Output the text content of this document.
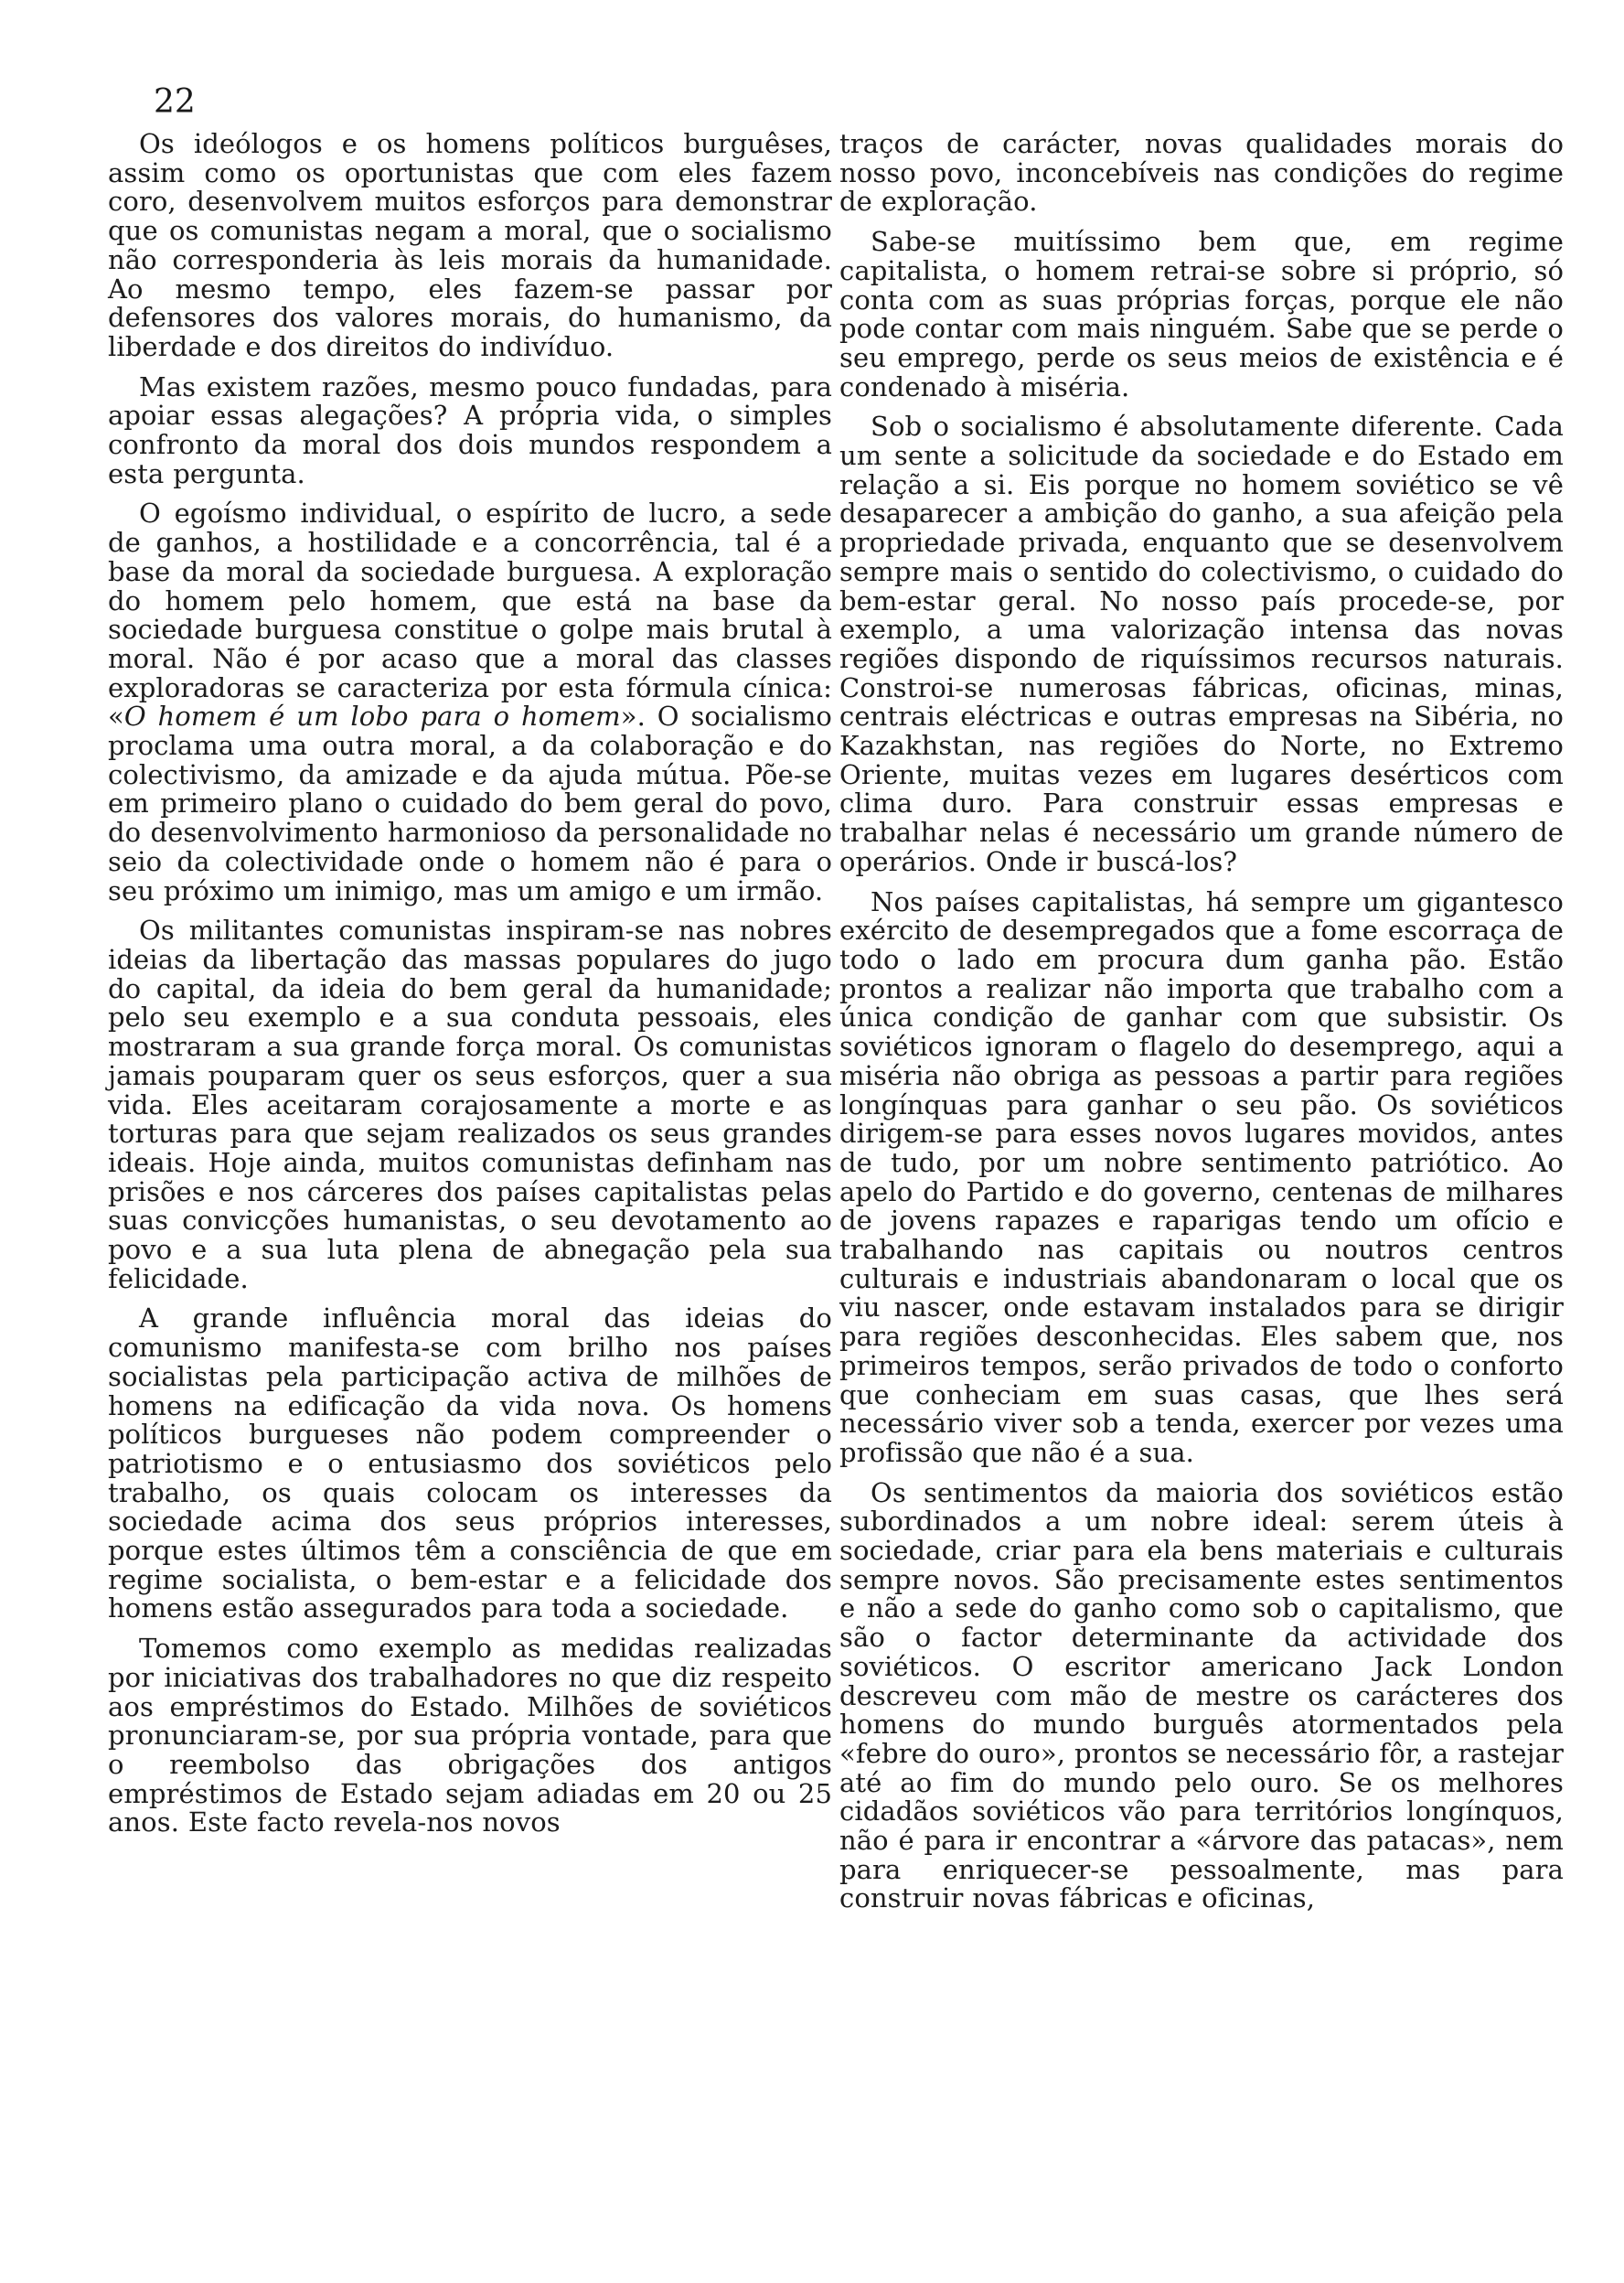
22

Os ideólogos e os homens políticos burguêses, assim como os oportunistas que com eles fazem coro, desenvolvem muitos esforços para demonstrar que os comunistas negam a moral, que o socialismo não corresponderia às leis morais da humanidade. Ao mesmo tempo, eles fazem-se passar por defensores dos valores morais, do humanismo, da liberdade e dos direitos do indivíduo.

Mas existem razões, mesmo pouco fundadas, para apoiar essas alegações? A própria vida, o simples confronto da moral dos dois mundos respondem a esta pergunta.

O egoísmo individual, o espírito de lucro, a sede de ganhos, a hostilidade e a concorrência, tal é a base da moral da sociedade burguesa. A exploração do homem pelo homem, que está na base da sociedade burguesa constitue o golpe mais brutal à moral. Não é por acaso que a moral das classes exploradoras se caracteriza por esta fórmula cínica: «O homem é um lobo para o homem». O socialismo proclama uma outra moral, a da colaboração e do colectivismo, da amizade e da ajuda mútua. Põe-se em primeiro plano o cuidado do bem geral do povo, do desenvolvimento harmonioso da personalidade no seio da colectividade onde o homem não é para o seu próximo um inimigo, mas um amigo e um irmão.

Os militantes comunistas inspiram-se nas nobres ideias da libertação das massas populares do jugo do capital, da ideia do bem geral da humanidade; pelo seu exemplo e a sua conduta pessoais, eles mostraram a sua grande força moral. Os comunistas jamais pouparam quer os seus esforços, quer a sua vida. Eles aceitaram corajosamente a morte e as torturas para que sejam realizados os seus grandes ideais. Hoje ainda, muitos comunistas definham nas prisões e nos cárceres dos países capitalistas pelas suas convicções humanistas, o seu devotamento ao povo e a sua luta plena de abnegação pela sua felicidade.

A grande influência moral das ideias do comunismo manifesta-se com brilho nos países socialistas pela participação activa de milhões de homens na edificação da vida nova. Os homens políticos burgueses não podem compreender o patriotismo e o entusiasmo dos soviéticos pelo trabalho, os quais colocam os interesses da sociedade acima dos seus próprios interesses, porque estes últimos têm a consciência de que em regime socialista, o bem-estar e a felicidade dos homens estão assegurados para toda a sociedade.

Tomemos como exemplo as medidas realizadas por iniciativas dos trabalhadores no que diz respeito aos empréstimos do Estado. Milhões de soviéticos pronunciaram-se, por sua própria vontade, para que o reembolso das obrigações dos antigos empréstimos de Estado sejam adiadas em 20 ou 25 anos. Este facto revela-nos novos

traços de carácter, novas qualidades morais do nosso povo, inconcebíveis nas condições do regime de exploração.

Sabe-se muitíssimo bem que, em regime capitalista, o homem retrai-se sobre si próprio, só conta com as suas próprias forças, porque ele não pode contar com mais ninguém. Sabe que se perde o seu emprego, perde os seus meios de existência e é condenado à miséria.

Sob o socialismo é absolutamente diferente. Cada um sente a solicitude da sociedade e do Estado em relação a si. Eis porque no homem soviético se vê desaparecer a ambição do ganho, a sua afeição pela propriedade privada, enquanto que se desenvolvem sempre mais o sentido do colectivismo, o cuidado do bem-estar geral. No nosso país procede-se, por exemplo, a uma valorização intensa das novas regiões dispondo de riquíssimos recursos naturais. Constroi-se numerosas fábricas, oficinas, minas, centrais eléctricas e outras empresas na Sibéria, no Kazakhstan, nas regiões do Norte, no Extremo Oriente, muitas vezes em lugares desérticos com clima duro. Para construir essas empresas e trabalhar nelas é necessário um grande número de operários. Onde ir buscá-los?

Nos países capitalistas, há sempre um gigantesco exército de desempregados que a fome escorraça de todo o lado em procura dum ganha pão. Estão prontos a realizar não importa que trabalho com a única condição de ganhar com que subsistir. Os soviéticos ignoram o flagelo do desemprego, aqui a miséria não obriga as pessoas a partir para regiões longínquas para ganhar o seu pão. Os soviéticos dirigem-se para esses novos lugares movidos, antes de tudo, por um nobre sentimento patriótico. Ao apelo do Partido e do governo, centenas de milhares de jovens rapazes e raparigas tendo um ofício e trabalhando nas capitais ou noutros centros culturais e industriais abandonaram o local que os viu nascer, onde estavam instalados para se dirigir para regiões desconhecidas. Eles sabem que, nos primeiros tempos, serão privados de todo o conforto que conheciam em suas casas, que lhes será necessário viver sob a tenda, exercer por vezes uma profissão que não é a sua.

Os sentimentos da maioria dos soviéticos estão subordinados a um nobre ideal: serem úteis à sociedade, criar para ela bens materiais e culturais sempre novos. São precisamente estes sentimentos e não a sede do ganho como sob o capitalismo, que são o factor determinante da actividade dos soviéticos. O escritor americano Jack London descreveu com mão de mestre os carácteres dos homens do mundo burguês atormentados pela «febre do ouro», prontos se necessário fôr, a rastejar até ao fim do mundo pelo ouro. Se os melhores cidadãos soviéticos vão para territórios longínquos, não é para ir encontrar a «árvore das patacas», nem para enriquecer-se pessoalmente, mas para construir novas fábricas e oficinas,
